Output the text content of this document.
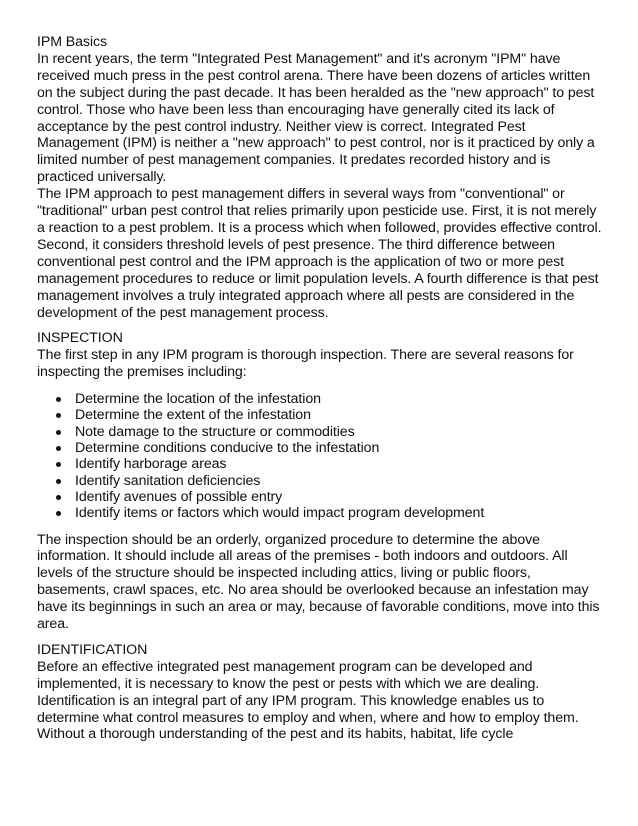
IPM Basics

In recent years, the term "Integrated Pest Management" and it's acronym "IPM" have received much press in the pest control arena. There have been dozens of articles written on the subject during the past decade. It has been heralded as the "new approach" to pest control. Those who have been less than encouraging have generally cited its lack of acceptance by the pest control industry. Neither view is correct. Integrated Pest Management (IPM) is neither a "new approach" to pest control, nor is it practiced by only a limited number of pest management companies. It predates recorded history and is practiced universally.

The IPM approach to pest management differs in several ways from "conventional" or "traditional" urban pest control that relies primarily upon pesticide use. First, it is not merely a reaction to a pest problem. It is a process which when followed, provides effective control. Second, it considers threshold levels of pest presence. The third difference between conventional pest control and the IPM approach is the application of two or more pest management procedures to reduce or limit population levels. A fourth difference is that pest management involves a truly integrated approach where all pests are considered in the development of the pest management process.

INSPECTION

The first step in any IPM program is thorough inspection. There are several reasons for inspecting the premises including:

Determine the location of the infestation
Determine the extent of the infestation
Note damage to the structure or commodities
Determine conditions conducive to the infestation
Identify harborage areas
Identify sanitation deficiencies
Identify avenues of possible entry
Identify items or factors which would impact program development

The inspection should be an orderly, organized procedure to determine the above information. It should include all areas of the premises - both indoors and outdoors. All levels of the structure should be inspected including attics, living or public floors, basements, crawl spaces, etc. No area should be overlooked because an infestation may have its beginnings in such an area or may, because of favorable conditions, move into this area.

IDENTIFICATION

Before an effective integrated pest management program can be developed and implemented, it is necessary to know the pest or pests with which we are dealing. Identification is an integral part of any IPM program. This knowledge enables us to determine what control measures to employ and when, where and how to employ them. Without a thorough understanding of the pest and its habits, habitat, life cycle
